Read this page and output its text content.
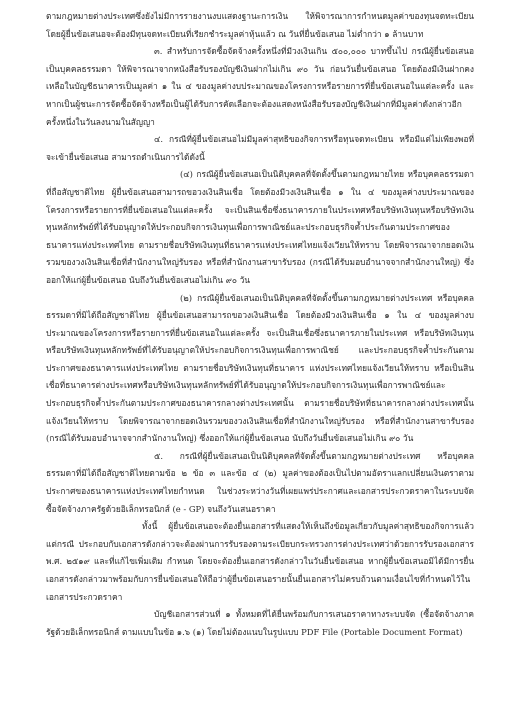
ตามกฎหมายต่างประเทศซึ่งยังไม่มีการรายงานงบแสดงฐานะการเงิน ให้พิจารณาการกำหนดมูลค่าของทุนจดทะเบียน โดยผู้ยื่นข้อเสนอจะต้องมีทุนจดทะเบียนที่เรียกชำระมูลค่าหุ้นแล้ว ณ วันที่ยื่นข้อเสนอ ไม่ต่ำกว่า ๑ ล้านบาท

๓. สำหรับการจัดซื้อจัดจ้างครั้งหนึ่งที่มีวงเงินเกิน ๕๐๐,๐๐๐ บาทขึ้นไป กรณีผู้ยื่นข้อเสนอเป็นบุคคลธรรมดา ให้พิจารณาจากหนังสือรับรองบัญชีเงินฝากไม่เกิน ๙๐ วัน ก่อนวันยื่นข้อเสนอ โดยต้องมีเงินฝากคงเหลือในบัญชีธนาคารเป็นมูลค่า ๑ ใน ๔ ของมูลค่างบประมาณของโครงการหรือรายการที่ยื่นข้อเสนอในแต่ละครั้ง และหากเป็นผู้ชนะการจัดซื้อจัดจ้างหรือเป็นผู้ได้รับการคัดเลือกจะต้องแสดงหนังสือรับรองบัญชีเงินฝากที่มีมูลค่าดังกล่าวอีกครั้งหนึ่งในวันลงนามในสัญญา

๔. กรณีที่ผู้ยื่นข้อเสนอไม่มีมูลค่าสุทธิของกิจการหรือทุนจดทะเบียน หรือมีแต่ไม่เพียงพอที่จะเข้ายื่นข้อเสนอ สามารถดำเนินการได้ดังนี้

(๔) กรณีผู้ยื่นข้อเสนอเป็นนิติบุคคลที่จัดตั้งขึ้นตามกฎหมายไทย หรือบุคคลธรรมดาที่ถือสัญชาติไทย ผู้ยื่นข้อเสนอสามารถขอวงเงินสินเชื่อ โดยต้องมีวงเงินสินเชื่อ ๑ ใน ๔ ของมูลค่างบประมาณของโครงการหรือรายการที่ยื่นข้อเสนอในแต่ละครั้ง จะเป็นสินเชื่อซึ่งธนาคารภายในประเทศหรือบริษัทเงินทุนหรือบริษัทเงินทุนหลักทรัพย์ที่ได้รับอนุญาตให้ประกอบกิจการเงินทุนเพื่อการพาณิชย์และประกอบธุรกิจค้ำประกันตามประกาศของธนาคารแห่งประเทศไทย ตามรายชื่อบริษัทเงินทุนที่ธนาคารแห่งประเทศไทยแจ้งเวียนให้ทราบ โดยพิจารณาจากยอดเงินรวมของวงเงินสินเชื่อที่สำนักงานใหญ่รับรอง หรือที่สำนักงานสาขารับรอง (กรณีได้รับมอบอำนาจจากสำนักงานใหญ่) ซึ่งออกให้แก่ผู้ยื่นข้อเสนอ นับถึงวันยื่นข้อเสนอไม่เกิน ๙๐ วัน

(๒) กรณีผู้ยื่นข้อเสนอเป็นนิติบุคคลที่จัดตั้งขึ้นตามกฎหมายต่างประเทศ หรือบุคคลธรรมดาที่มิได้ถือสัญชาติไทย ผู้ยื่นข้อเสนอสามารถขอวงเงินสินเชื่อ โดยต้องมีวงเงินสินเชื่อ ๑ ใน ๔ ของมูลค่างบประมาณของโครงการหรือรายการที่ยื่นข้อเสนอในแต่ละครั้ง จะเป็นสินเชื่อซึ่งธนาคารภายในประเทศ หรือบริษัทเงินทุนหรือบริษัทเงินทุนหลักทรัพย์ที่ได้รับอนุญาตให้ประกอบกิจการเงินทุนเพื่อการพาณิชย์ และประกอบธุรกิจค้ำประกันตามประกาศของธนาคารแห่งประเทศไทย ตามรายชื่อบริษัทเงินทุนที่ธนาคาร แห่งประเทศไทยแจ้งเวียนให้ทราบ หรือเป็นสินเชื่อที่ธนาคารต่างประเทศหรือบริษัทเงินทุนหลักทรัพย์ที่ได้รับอนุญาตให้ประกอบกิจการเงินทุนเพื่อการพาณิชย์และประกอบธุรกิจค้ำประกันตามประกาศของธนาคารกลางต่างประเทศนั้น ตามรายชื่อบริษัทที่ธนาคารกลางต่างประเทศนั้นแจ้งเวียนให้ทราบ โดยพิจารณาจากยอดเงินรวมของวงเงินสินเชื่อที่สำนักงานใหญ่รับรอง หรือที่สำนักงานสาขารับรอง (กรณีได้รับมอบอำนาจจากสำนักงานใหญ่) ซึ่งออกให้แก่ผู้ยื่นข้อเสนอ นับถึงวันยื่นข้อเสนอไม่เกิน ๙๐ วัน

๕. กรณีที่ผู้ยื่นข้อเสนอเป็นนิติบุคคลที่จัดตั้งขึ้นตามกฎหมายต่างประเทศ หรือบุคคลธรรมดาที่มิได้ถือสัญชาติไทยตามข้อ ๒ ข้อ ๓ และข้อ ๔ (๒) มูลค่าของต้องเป็นไปตามอัตราแลกเปลี่ยนเงินตราตามประกาศของธนาคารแห่งประเทศไทยกำหนด ในช่วงระหว่างวันที่เผยแพร่ประกาศและเอกสารประกวดราคาในระบบจัดซื้อจัดจ้างภาครัฐด้วยอิเล็กทรอนิกส์ (e - GP) จนถึงวันเสนอราคา

ทั้งนี้ ผู้ยื่นข้อเสนอจะต้องยื่นเอกสารที่แสดงให้เห็นถึงข้อมูลเกี่ยวกับมูลค่าสุทธิของกิจการแล้วแต่กรณี ประกอบกับเอกสารดังกล่าวจะต้องผ่านการรับรองตามระเบียบกระทรวงการต่างประเทศว่าด้วยการรับรองเอกสาร พ.ศ. ๒๕๑๙ และที่แก้ไขเพิ่มเติม กำหนด โดยจะต้องยื่นเอกสารดังกล่าวในวันยื่นข้อเสนอ หากผู้ยื่นข้อเสนอมิได้มีการยื่นเอกสารดังกล่าวมาพร้อมกับการยื่นข้อเสนอให้ถือว่าผู้ยื่นข้อเสนอรายนั้นยื่นเอกสารไม่ครบถ้วนตามเงื่อนไขที่กำหนดไว้ในเอกสารประกวดราคา

บัญชีเอกสารส่วนที่ ๑ ทั้งหมดที่ได้ยื่นพร้อมกับการเสนอราคาทางระบบจัด (ซื้อจัดจ้างภาครัฐด้วยอิเล็กทรอนิกส์ ตามแบบในข้อ ๑.๖ (๑) โดยไม่ต้องแนบในรูปแบบ PDF File (Portable Document Format)
